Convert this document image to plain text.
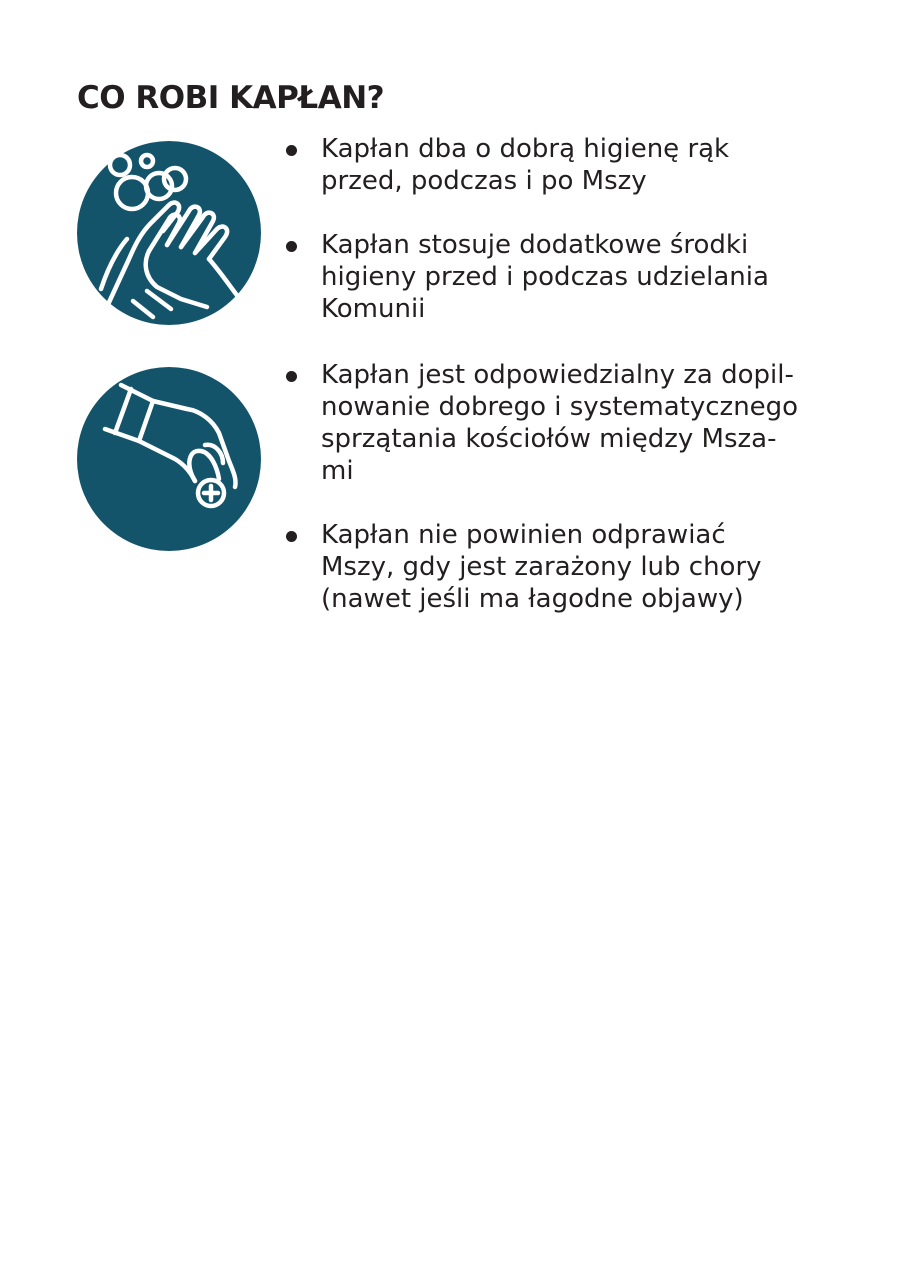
CO ROBI KAPŁAN?
Kapłan dba o dobrą higienę rąk
przed, podczas i po Mszy
Kapłan stosuje dodatkowe środki
higieny przed i podczas udzielania
Komunii
Kapłan jest odpowiedzialny za dopil-
nowanie dobrego i systematycznego
sprzątania kościołów między Msza-
mi
Kapłan nie powinien odprawiać
Mszy, gdy jest zarażony lub chory
(nawet jeśli ma łagodne objawy)
